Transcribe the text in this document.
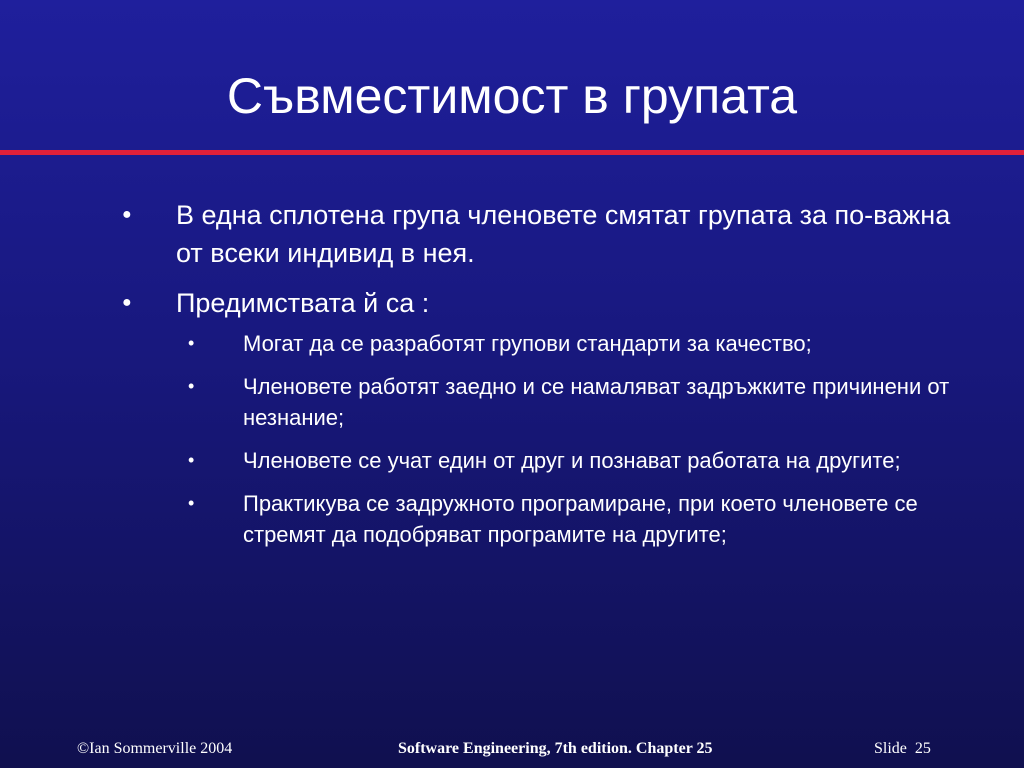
Съвместимост в групата
● В една сплотена група членовете смятат групата за по-важна от всеки индивид в нея.
● Предимствата й са :
• Могат да се разработят групови стандарти за качество;
• Членовете работят заедно и се намаляват задръжките причинени от незнание;
• Членовете се учат един от друг и познават работата на другите;
• Практикува се задружното програмиране, при което членовете се стремят да подобряват програмите на другите;
©Ian Sommerville 2004	Software Engineering, 7th edition. Chapter 25	Slide  25
